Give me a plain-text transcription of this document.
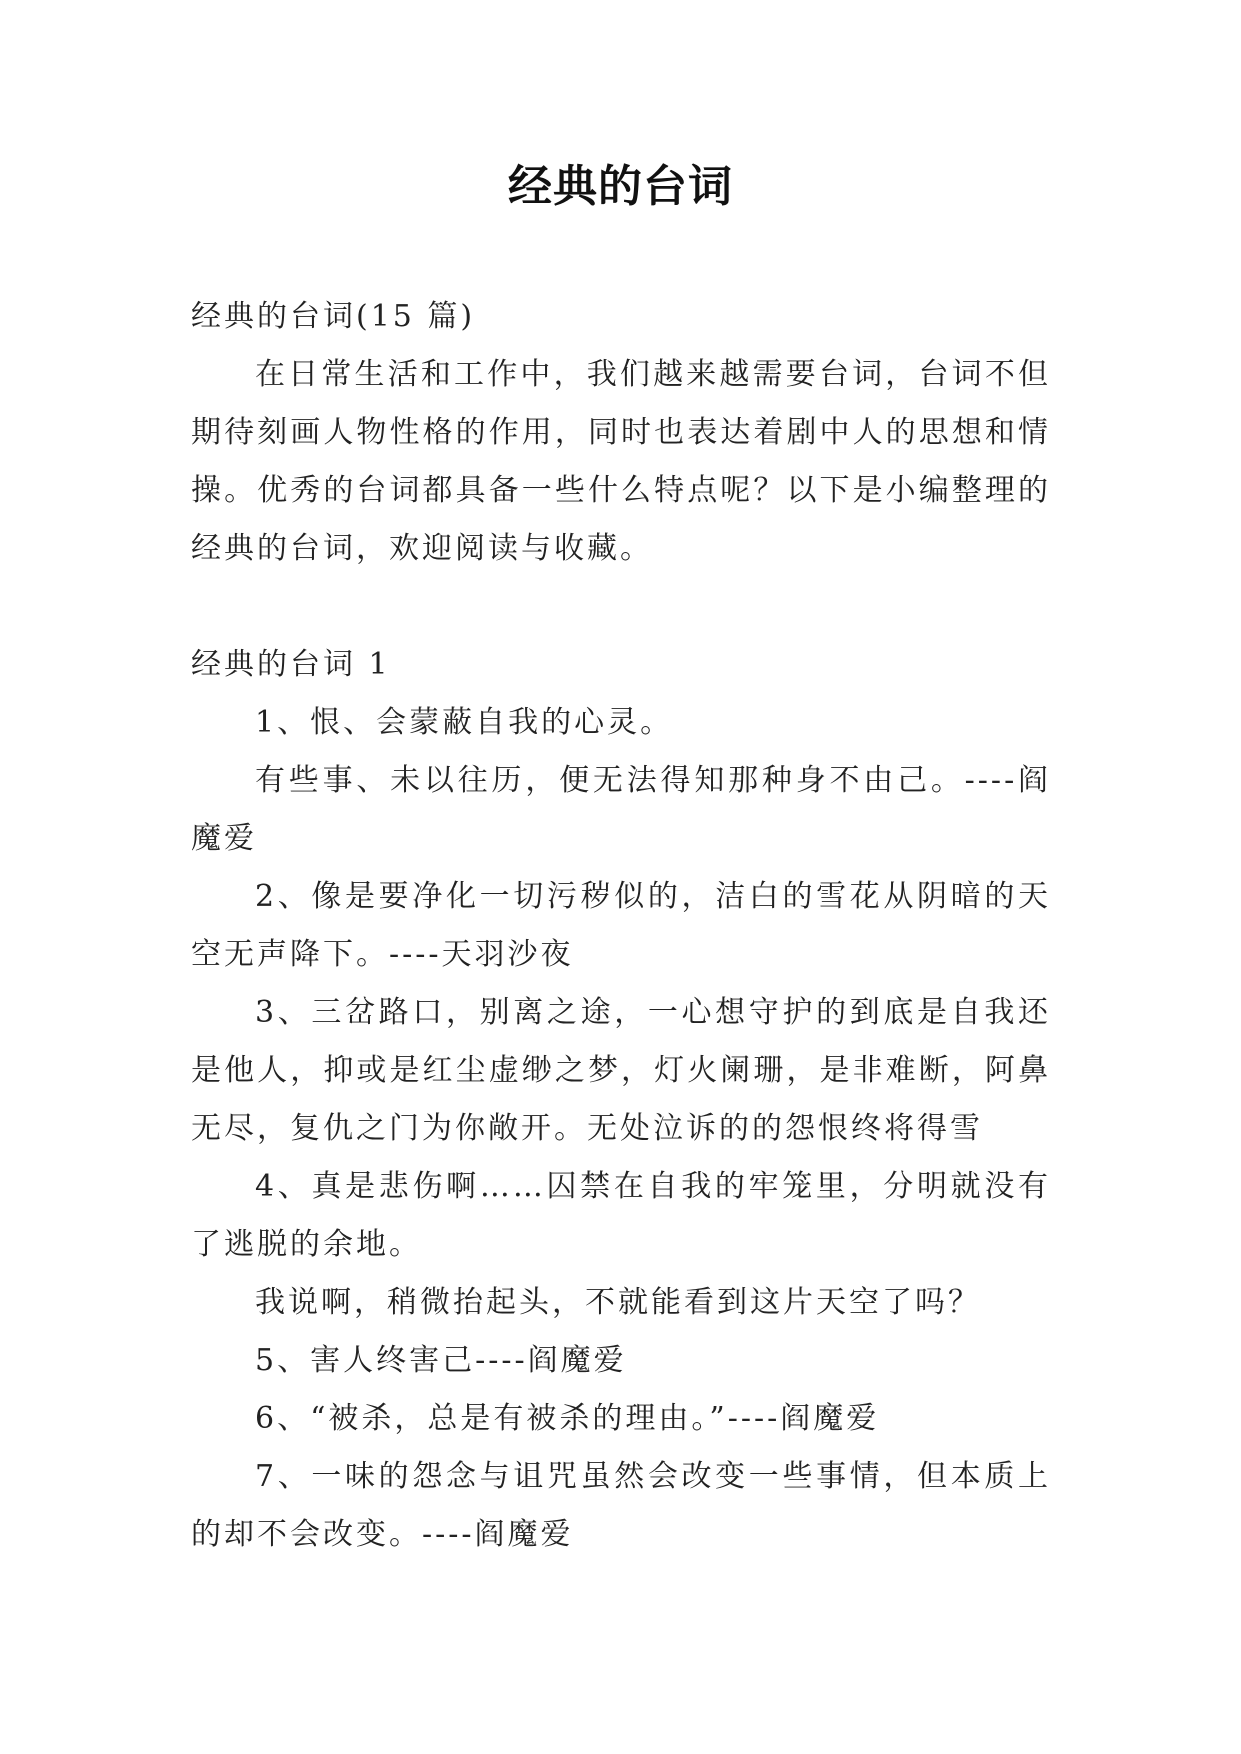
经典的台词

经典的台词(15 篇)

在日常生活和工作中，我们越来越需要台词，台词不但期待刻画人物性格的作用，同时也表达着剧中人的思想和情操。优秀的台词都具备一些什么特点呢？以下是小编整理的经典的台词，欢迎阅读与收藏。

经典的台词 1

1、恨、会蒙蔽自我的心灵。

有些事、未以往历，便无法得知那种身不由己。----阎魔爱

2、像是要净化一切污秽似的，洁白的雪花从阴暗的天空无声降下。----天羽沙夜

3、三岔路口，别离之途，一心想守护的到底是自我还是他人，抑或是红尘虚缈之梦，灯火阑珊，是非难断，阿鼻无尽，复仇之门为你敞开。无处泣诉的的怨恨终将得雪

4、真是悲伤啊……囚禁在自我的牢笼里，分明就没有了逃脱的余地。

我说啊，稍微抬起头，不就能看到这片天空了吗？

5、害人终害己----阎魔爱

6、“被杀，总是有被杀的理由。”----阎魔爱

7、一味的怨念与诅咒虽然会改变一些事情，但本质上的却不会改变。----阎魔爱
